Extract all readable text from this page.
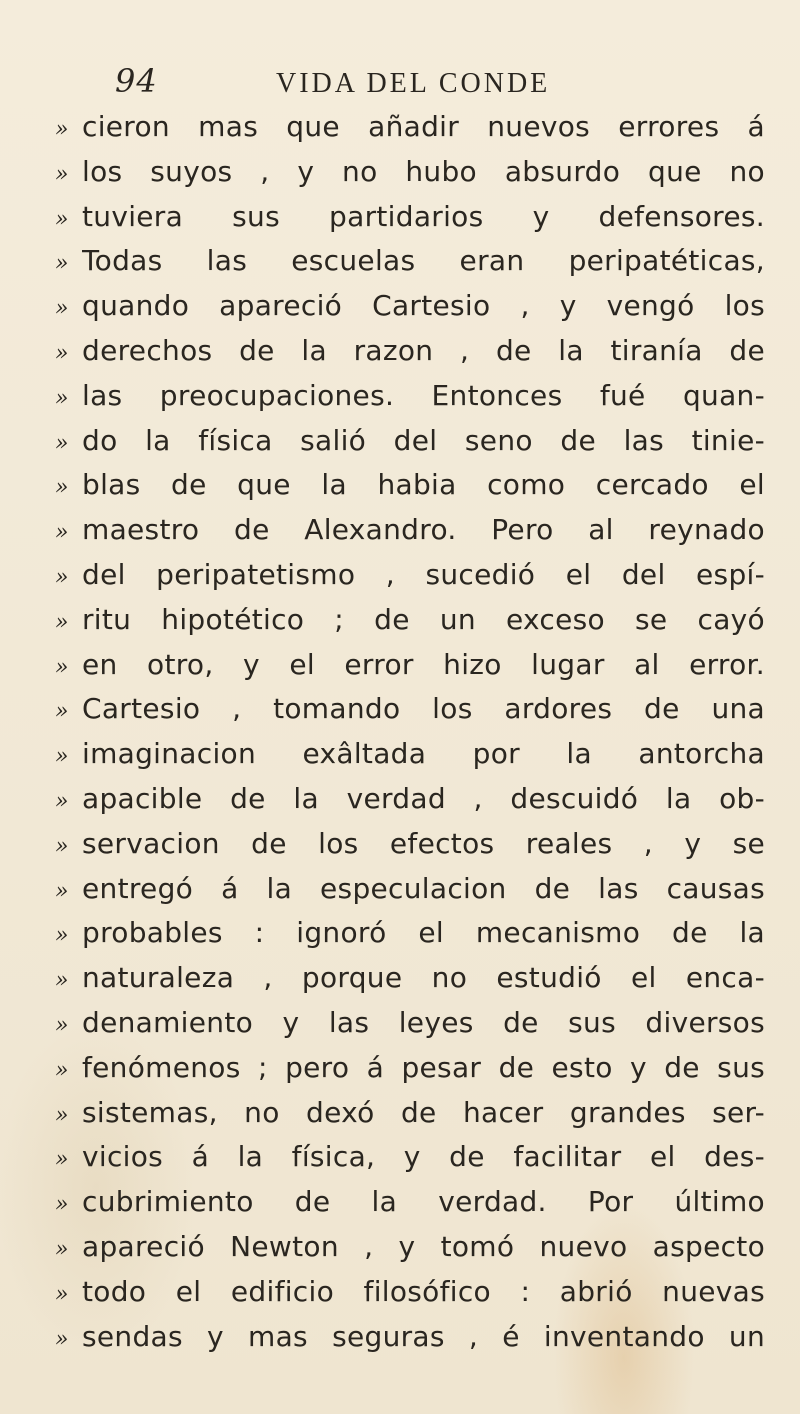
94	VIDA DEL CONDE
» cieron mas que añadir nuevos errores á
» los suyos , y no hubo absurdo que no
» tuviera sus partidarios y defensores.
» Todas las escuelas eran peripatéticas,
» quando apareció Cartesio , y vengó los
» derechos de la razon , de la tiranía de
» las preocupaciones. Entonces fué quan-
» do la física salió del seno de las tinie-
» blas de que la habia como cercado el
» maestro de Alexandro. Pero al reynado
» del peripatetismo , sucedió el del espí-
» ritu hipotético ; de un exceso se cayó
» en otro, y el error hizo lugar al error.
» Cartesio , tomando los ardores de una
» imaginacion exâltada por la antorcha
» apacible de la verdad , descuidó la ob-
» servacion de los efectos reales , y se
» entregó á la especulacion de las causas
» probables : ignoró el mecanismo de la
» naturaleza , porque no estudió el enca-
» denamiento y las leyes de sus diversos
» fenómenos ; pero á pesar de esto y de sus
» sistemas, no dexó de hacer grandes ser-
» vicios á la física, y de facilitar el des-
» cubrimiento de la verdad. Por último
» apareció Newton , y tomó nuevo aspecto
» todo el edificio filosófico : abrió nuevas
» sendas y mas seguras , é inventando un
